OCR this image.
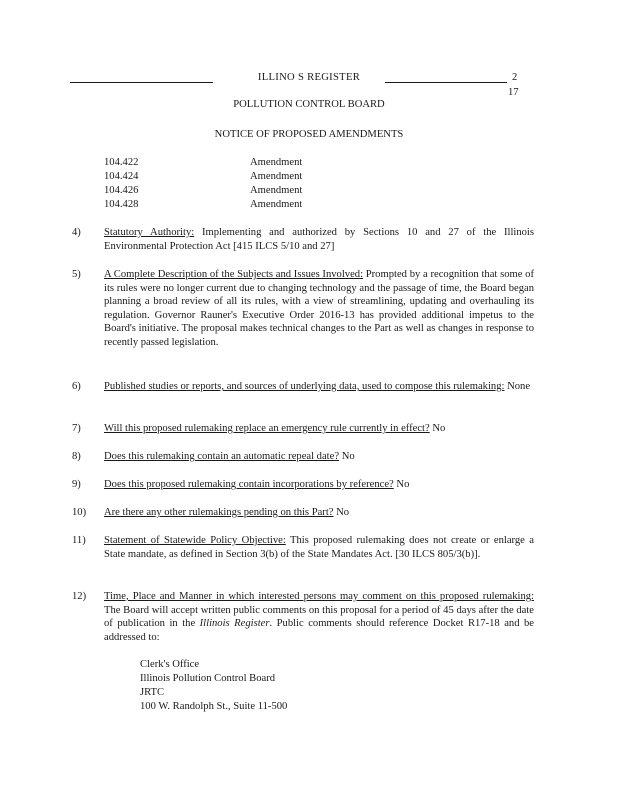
ILLINO S REGISTER	2
17
POLLUTION CONTROL BOARD
NOTICE OF PROPOSED AMENDMENTS
104.422	Amendment
104.424	Amendment
104.426	Amendment
104.428	Amendment
4) Statutory Authority: Implementing and authorized by Sections 10 and 27 of the Illinois Environmental Protection Act [415 ILCS 5/10 and 27]
5) A Complete Description of the Subjects and Issues Involved: Prompted by a recognition that some of its rules were no longer current due to changing technology and the passage of time, the Board began planning a broad review of all its rules, with a view of streamlining, updating and overhauling its regulation. Governor Rauner's Executive Order 2016-13 has provided additional impetus to the Board's initiative. The proposal makes technical changes to the Part as well as changes in response to recently passed legislation.
6) Published studies or reports, and sources of underlying data, used to compose this rulemaking: None
7) Will this proposed rulemaking replace an emergency rule currently in effect? No
8) Does this rulemaking contain an automatic repeal date? No
9) Does this proposed rulemaking contain incorporations by reference? No
10) Are there any other rulemakings pending on this Part? No
11) Statement of Statewide Policy Objective: This proposed rulemaking does not create or enlarge a State mandate, as defined in Section 3(b) of the State Mandates Act. [30 ILCS 805/3(b)].
12) Time, Place and Manner in which interested persons may comment on this proposed rulemaking: The Board will accept written public comments on this proposal for a period of 45 days after the date of publication in the Illinois Register. Public comments should reference Docket R17-18 and be addressed to:
Clerk's Office
Illinois Pollution Control Board
JRTC
100 W. Randolph St., Suite 11-500
